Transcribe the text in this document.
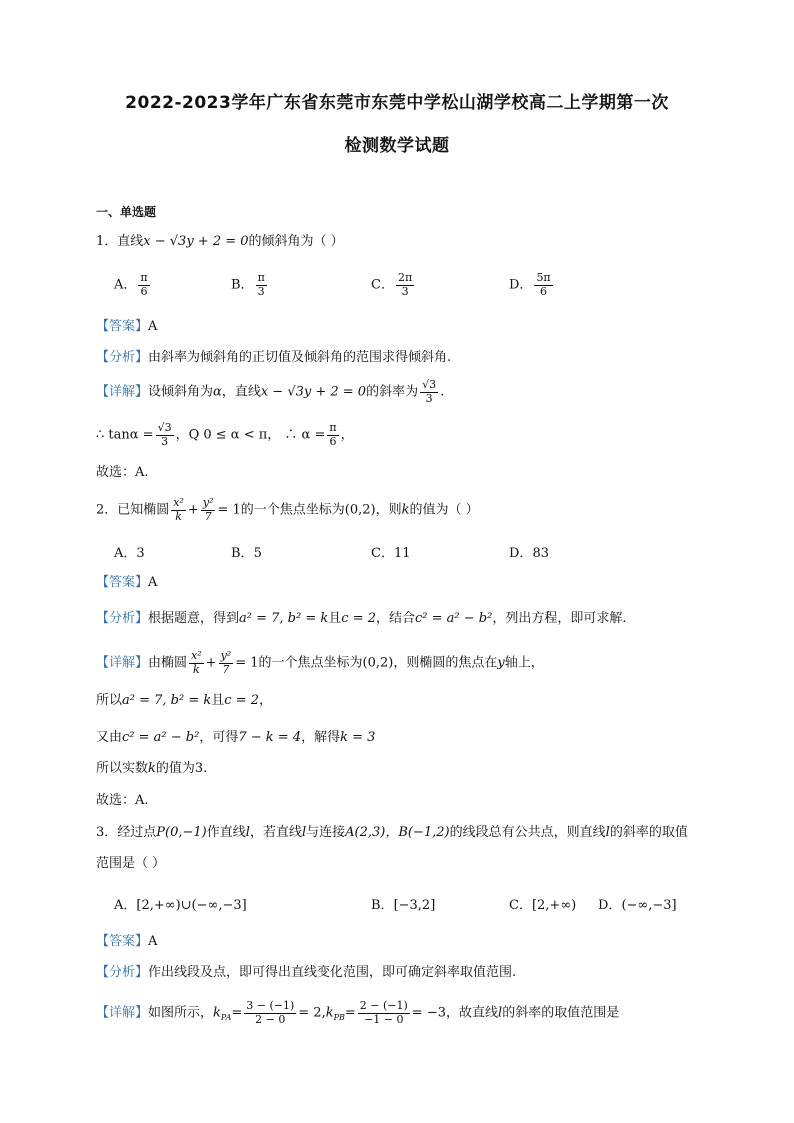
2022-2023学年广东省东莞市东莞中学松山湖学校高二上学期第一次
检测数学试题
一、单选题
1．直线x − √3y + 2 = 0的倾斜角为（ ）
A． $\frac{\pi}{6}$	B． $\frac{\pi}{3}$	C． $\frac{2\pi}{3}$	D． $\frac{5\pi}{6}$
【答案】A
【分析】由斜率为倾斜角的正切值及倾斜角的范围求得倾斜角.
【详解】设倾斜角为α，直线x − √3y + 2 = 0的斜率为 $\frac{√3}{3}$ .
∴ $\tan\alpha = \frac{√3}{3}$ ，Q 0 ≤ α < π， ∴ $\alpha = \frac{\pi}{6}$ ，
故选：A.
2．已知椭圆 $\frac{\text{x²}}{k} + \frac{\text{y²}}{7} = 1$的一个焦点坐标为(0,2)，则k的值为（ ）
A．3	B．5	C．11	D．83
【答案】A
【分析】根据题意，得到a² = 7, b² = k且c = 2，结合c² = a² − b²，列出方程，即可求解.
【详解】由椭圆 $\frac{\text{x²}}{k} + \frac{\text{y²}}{7} = 1$的一个焦点坐标为(0,2)，则椭圆的焦点在y轴上，
所以a² = 7, b² = k且c = 2，
又由c² = a² − b²，可得7 − k = 4，解得k = 3
所以实数k的值为3.
故选：A.
3．经过点P(0,−1)作直线l，若直线l与连接A(2,3)，B(−1,2)的线段总有公共点，则直线l的斜率的取值
范围是（ ）
A．[2,+∞)∪(−∞,−3]	B．[−3,2]	C．[2,+∞) D．(−∞,−3]
【答案】A
【分析】作出线段及点，即可得出直线变化范围，即可确定斜率取值范围.
【详解】如图所示，$k_{PA}= \frac{3 - (-1)}{2 - 0} = 2,k_{PB}= \frac{2 - (-1)}{-1 - 0} = -3$，故直线l的斜率的取值范围是
